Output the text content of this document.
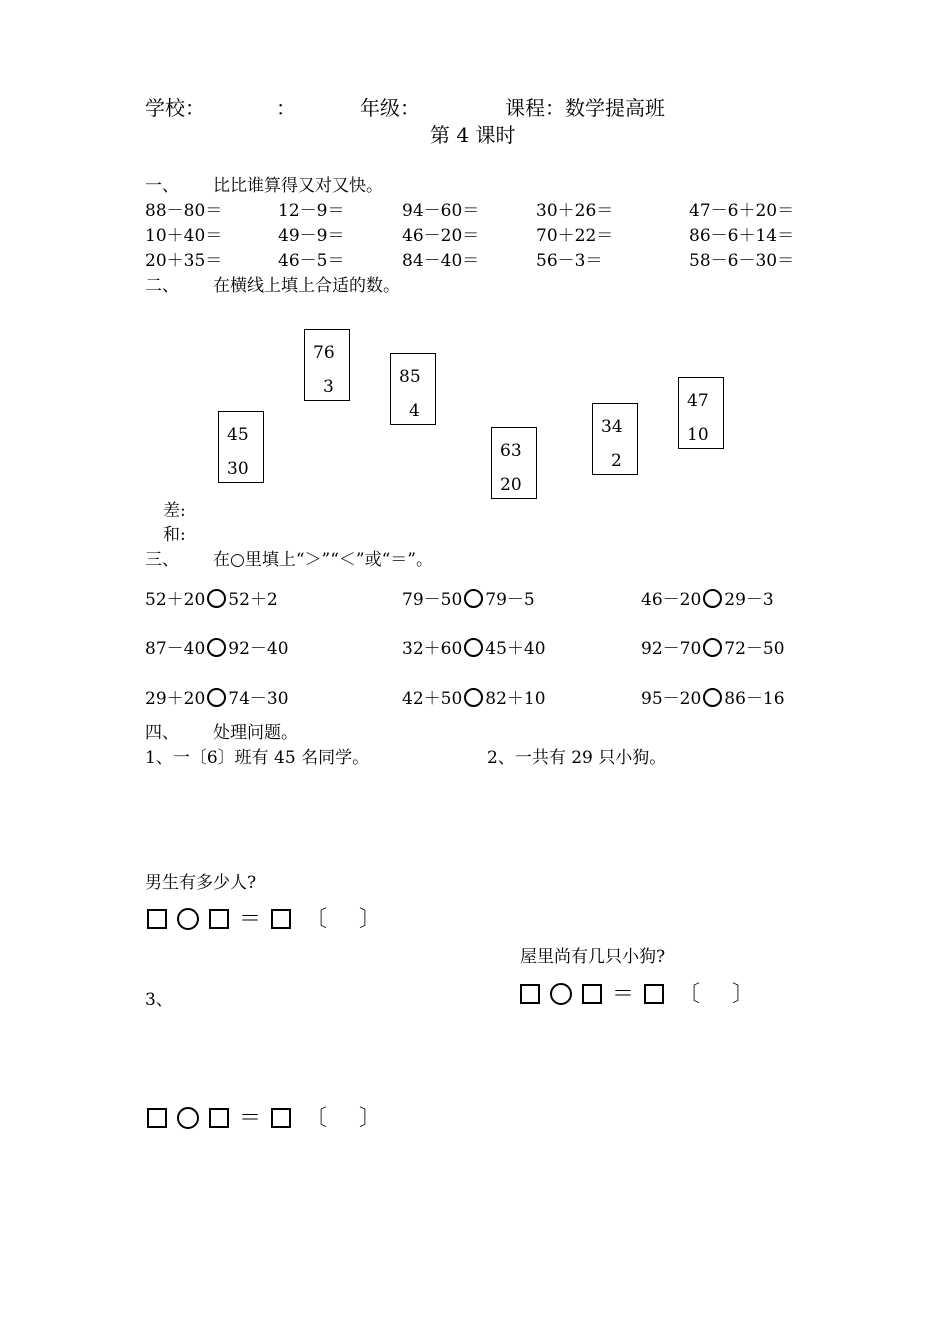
学校：	：	年级：	课程：数学提高班
第 4 课时
一、 比比谁算得又对又快。
88－80＝	12－9＝	94－60＝	30＋26＝	47－6＋20＝
10＋40＝	49－9＝	46－20＝	70＋22＝	86－6＋14＝
20＋35＝	46－5＝	84－40＝	56－3＝	58－6－30＝
二、 在横线上填上合适的数。
45
30
76
3	85
4
63
20
34
2
47
10
差:
和:
三、 在○里填上“＞”“＜”或“＝”。
52＋20 52＋2	79－50 79－5	46－20 29－3
87－40 92－40	32＋60 45＋40	92－70 72－50
29＋20 74－30	42＋50 82＋10	95－20 86－16
四、 处理问题。
1、一〔6〕班有 45 名同学。	2、一共有 29 只小狗。
男生有多少人?
＝ 〔 〕
屋里尚有几只小狗?
3、	＝ 〔 〕
＝ 〔 〕
